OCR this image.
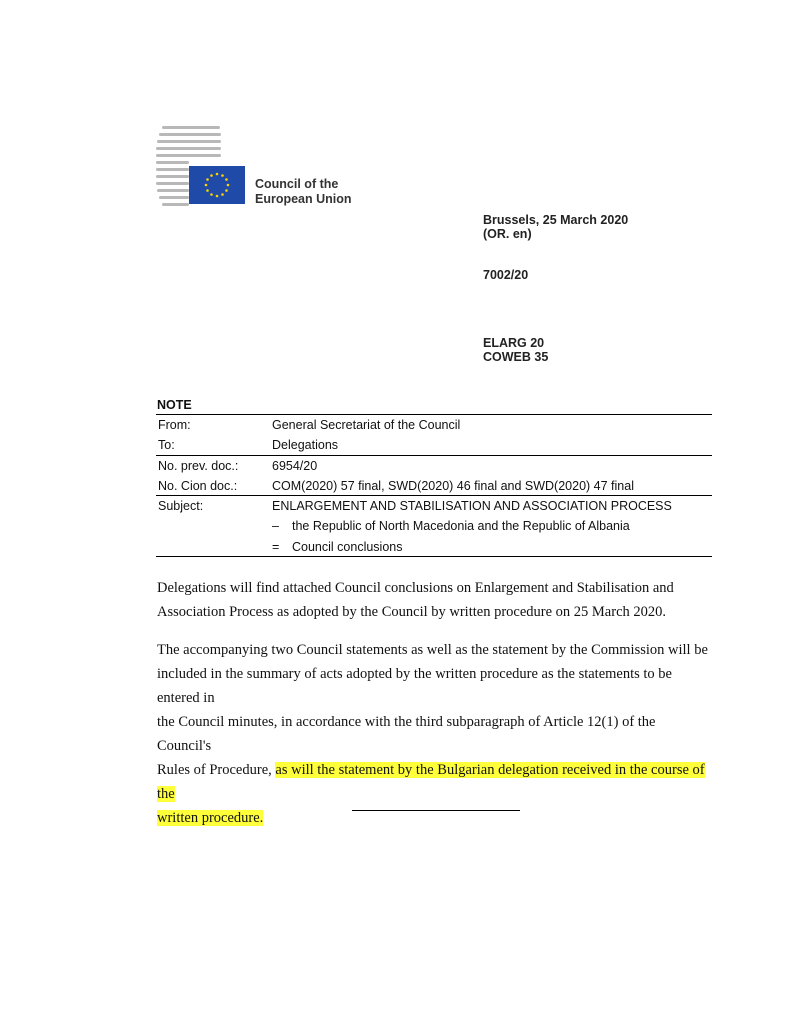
Council of the
European Union
Brussels, 25 March 2020
(OR. en)
7002/20
ELARG 20
COWEB 35
NOTE
From:	General Secretariat of the Council
To:	Delegations
No. prev. doc.:	6954/20
No. Cion doc.:	COM(2020) 57 final, SWD(2020) 46 final and SWD(2020) 47 final
Subject:	ENLARGEMENT AND STABILISATION AND ASSOCIATION PROCESS
– the Republic of North Macedonia and the Republic of Albania
= Council conclusions
Delegations will find attached Council conclusions on Enlargement and Stabilisation and
Association Process as adopted by the Council by written procedure on 25 March 2020.
The accompanying two Council statements as well as the statement by the Commission will be
included in the summary of acts adopted by the written procedure as the statements to be entered in
the Council minutes, in accordance with the third subparagraph of Article 12(1) of the Council's
Rules of Procedure, as will the statement by the Bulgarian delegation received in the course of the
written procedure.
